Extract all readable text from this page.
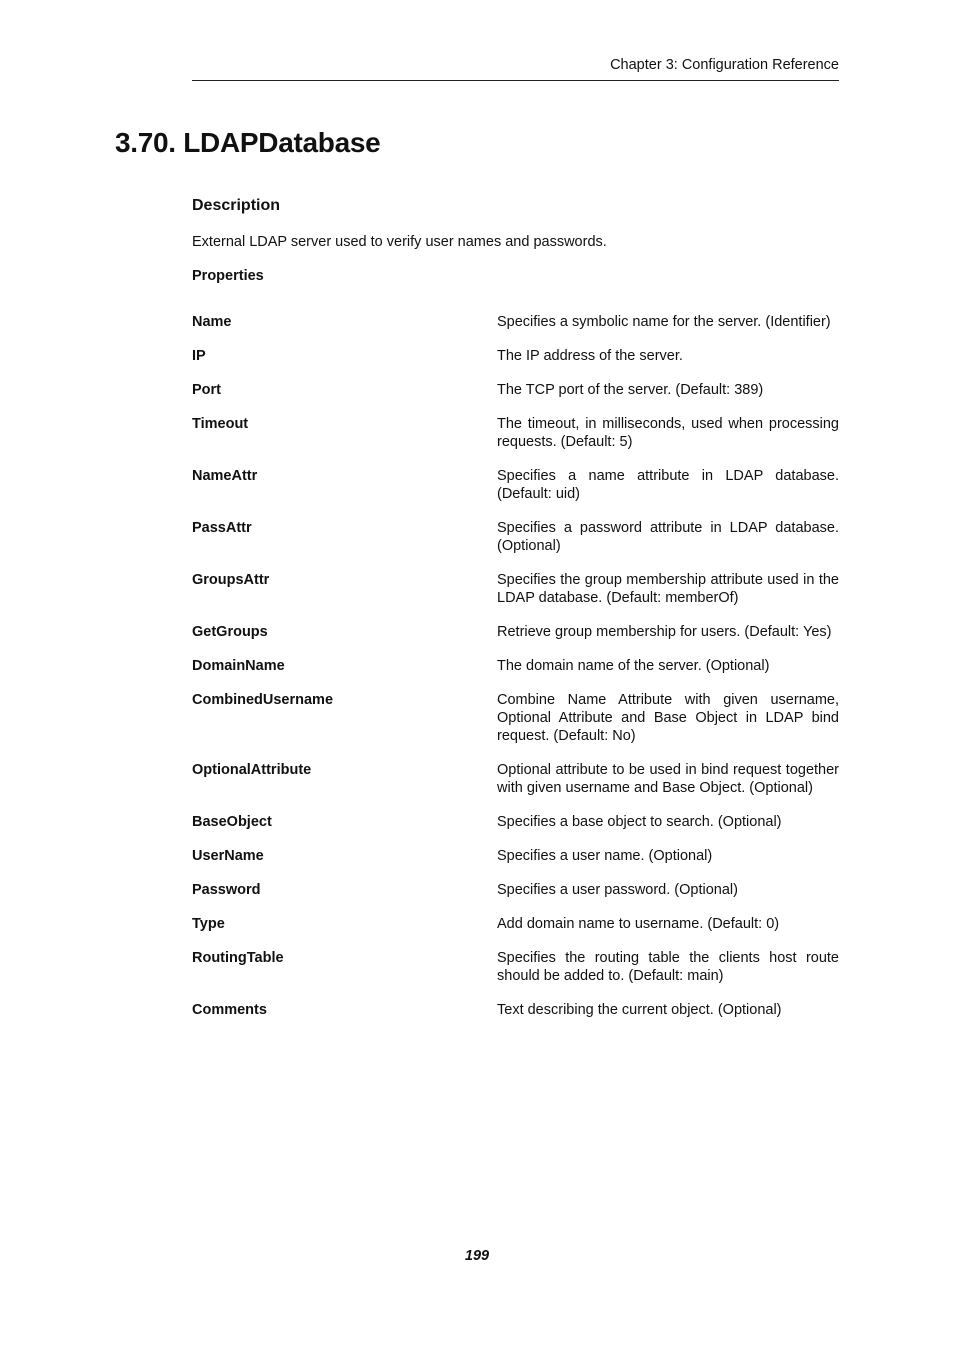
Chapter 3: Configuration Reference
3.70. LDAPDatabase
Description

External LDAP server used to verify user names and passwords.

Properties
Name	Specifies a symbolic name for the server. (Identifier)
IP	The IP address of the server.
Port	The TCP port of the server. (Default: 389)
Timeout	The timeout, in milliseconds, used when processing requests. (Default: 5)
NameAttr	Specifies a name attribute in LDAP database. (Default: uid)
PassAttr	Specifies a password attribute in LDAP database. (Optional)
GroupsAttr	Specifies the group membership attribute used in the LDAP database. (Default: memberOf)
GetGroups	Retrieve group membership for users. (Default: Yes)
DomainName	The domain name of the server. (Optional)
CombinedUsername	Combine Name Attribute with given username, Optional Attribute and Base Object in LDAP bind request. (Default: No)
OptionalAttribute	Optional attribute to be used in bind request together with given username and Base Object. (Optional)
BaseObject	Specifies a base object to search. (Optional)
UserName	Specifies a user name. (Optional)
Password	Specifies a user password. (Optional)
Type	Add domain name to username. (Default: 0)
RoutingTable	Specifies the routing table the clients host route should be added to. (Default: main)
Comments	Text describing the current object. (Optional)
199
